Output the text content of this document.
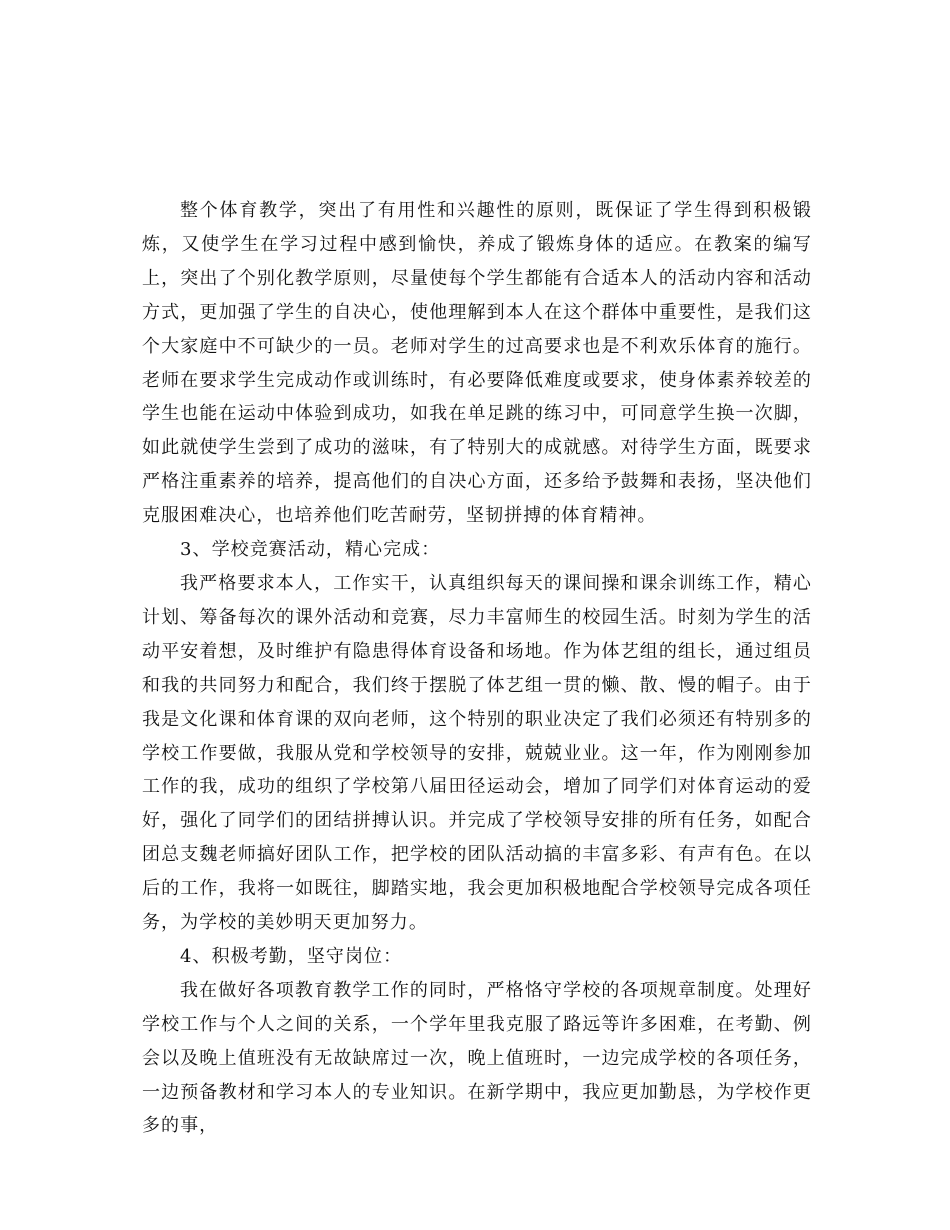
整个体育教学，突出了有用性和兴趣性的原则，既保证了学生得到积极锻炼，又使学生在学习过程中感到愉快，养成了锻炼身体的适应。在教案的编写上，突出了个别化教学原则，尽量使每个学生都能有合适本人的活动内容和活动方式，更加强了学生的自决心，使他理解到本人在这个群体中重要性，是我们这个大家庭中不可缺少的一员。老师对学生的过高要求也是不利欢乐体育的施行。老师在要求学生完成动作或训练时，有必要降低难度或要求，使身体素养较差的学生也能在运动中体验到成功，如我在单足跳的练习中，可同意学生换一次脚，如此就使学生尝到了成功的滋味，有了特别大的成就感。对待学生方面，既要求严格注重素养的培养，提高他们的自决心方面，还多给予鼓舞和表扬，坚决他们克服困难决心，也培养他们吃苦耐劳，坚韧拼搏的体育精神。

3、学校竞赛活动，精心完成：

我严格要求本人，工作实干，认真组织每天的课间操和课余训练工作，精心计划、筹备每次的课外活动和竞赛，尽力丰富师生的校园生活。时刻为学生的活动平安着想，及时维护有隐患得体育设备和场地。作为体艺组的组长，通过组员和我的共同努力和配合，我们终于摆脱了体艺组一贯的懒、散、慢的帽子。由于我是文化课和体育课的双向老师，这个特别的职业决定了我们必须还有特别多的学校工作要做，我服从党和学校领导的安排，兢兢业业。这一年，作为刚刚参加工作的我，成功的组织了学校第八届田径运动会，增加了同学们对体育运动的爱好，强化了同学们的团结拼搏认识。并完成了学校领导安排的所有任务，如配合团总支魏老师搞好团队工作，把学校的团队活动搞的丰富多彩、有声有色。在以后的工作，我将一如既往，脚踏实地，我会更加积极地配合学校领导完成各项任务，为学校的美妙明天更加努力。

4、积极考勤，坚守岗位：

我在做好各项教育教学工作的同时，严格恪守学校的各项规章制度。处理好学校工作与个人之间的关系，一个学年里我克服了路远等许多困难，在考勤、例会以及晚上值班没有无故缺席过一次，晚上值班时，一边完成学校的各项任务，一边预备教材和学习本人的专业知识。在新学期中，我应更加勤恳，为学校作更多的事，
